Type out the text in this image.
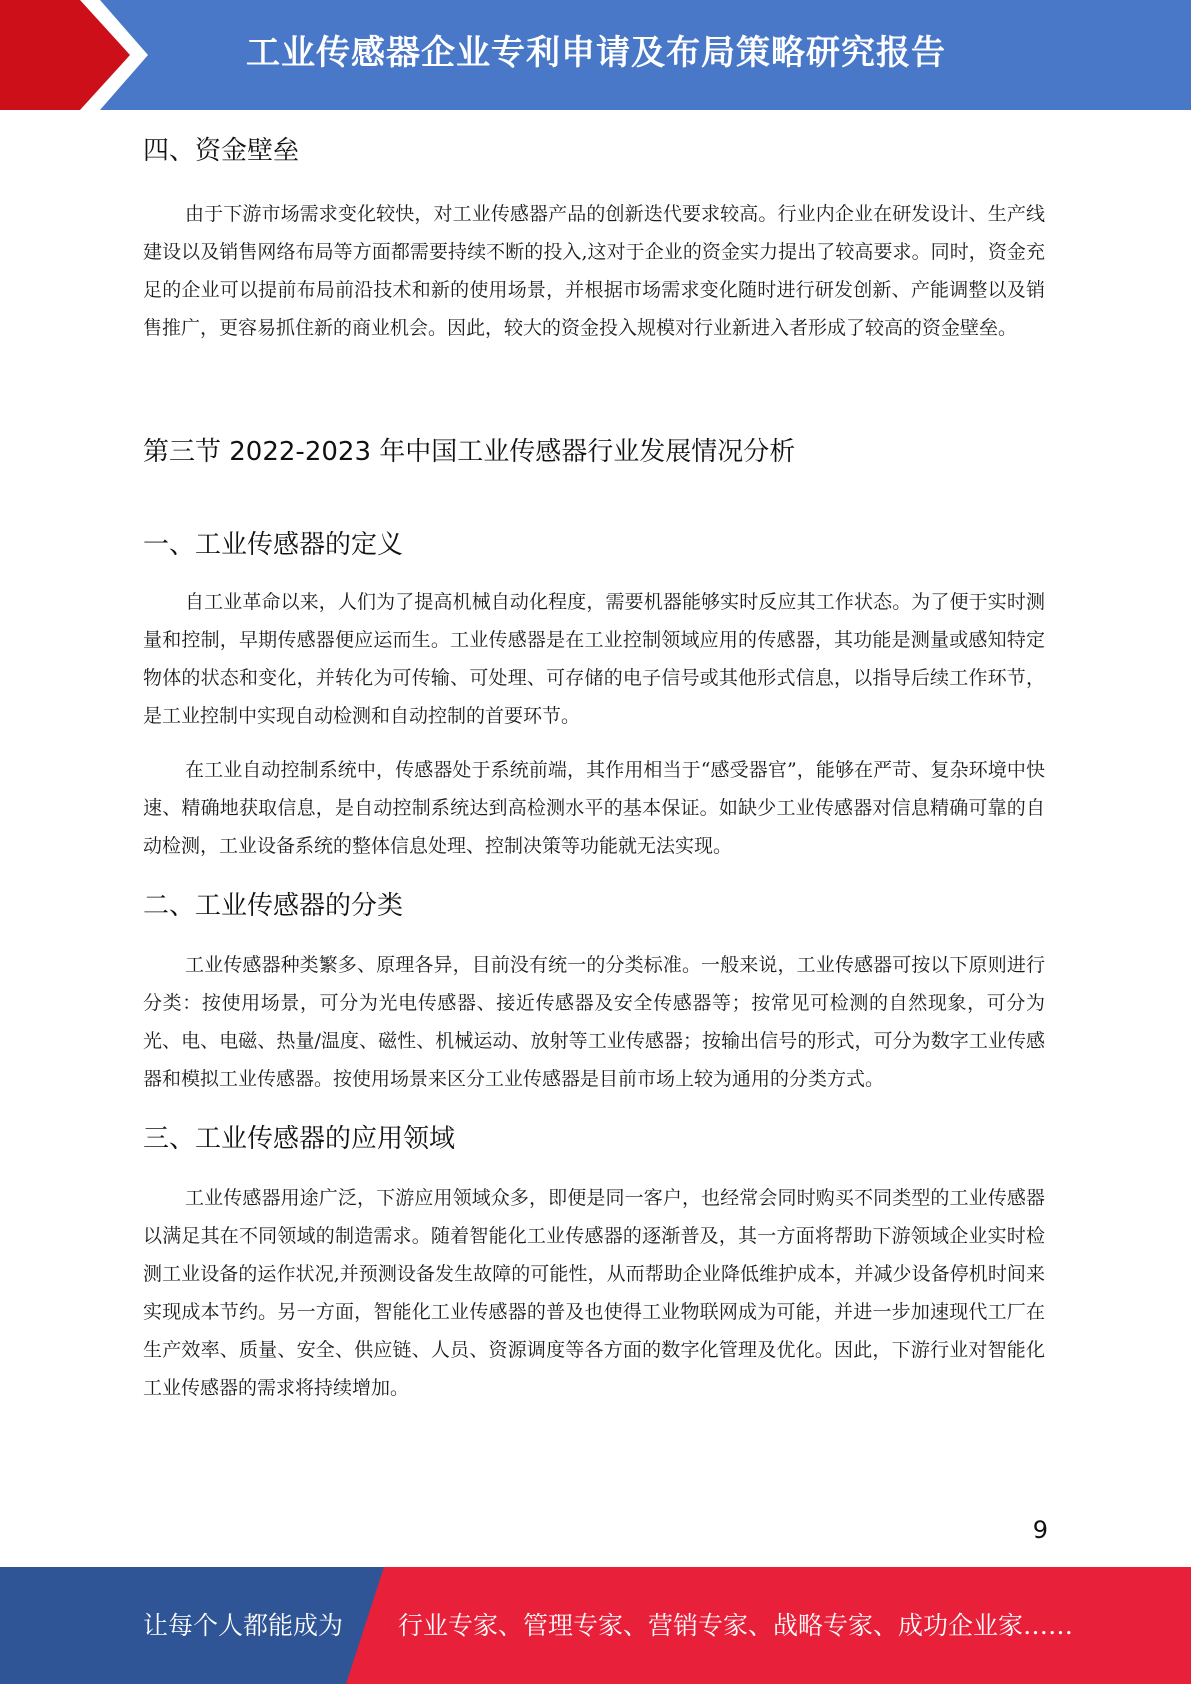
工业传感器企业专利申请及布局策略研究报告
四、资金壁垒

由于下游市场需求变化较快，对工业传感器产品的创新迭代要求较高。行业内企业在研发设计、生产线建设以及销售网络布局等方面都需要持续不断的投入,这对于企业的资金实力提出了较高要求。同时，资金充足的企业可以提前布局前沿技术和新的使用场景，并根据市场需求变化随时进行研发创新、产能调整以及销售推广，更容易抓住新的商业机会。因此，较大的资金投入规模对行业新进入者形成了较高的资金壁垒。

第三节 2022-2023 年中国工业传感器行业发展情况分析
一、工业传感器的定义

自工业革命以来，人们为了提高机械自动化程度，需要机器能够实时反应其工作状态。为了便于实时测量和控制，早期传感器便应运而生。工业传感器是在工业控制领域应用的传感器，其功能是测量或感知特定物体的状态和变化，并转化为可传输、可处理、可存储的电子信号或其他形式信息，以指导后续工作环节，是工业控制中实现自动检测和自动控制的首要环节。

在工业自动控制系统中，传感器处于系统前端，其作用相当于“感受器官”，能够在严苛、复杂环境中快速、精确地获取信息，是自动控制系统达到高检测水平的基本保证。如缺少工业传感器对信息精确可靠的自动检测，工业设备系统的整体信息处理、控制决策等功能就无法实现。

二、工业传感器的分类

工业传感器种类繁多、原理各异，目前没有统一的分类标准。一般来说，工业传感器可按以下原则进行分类：按使用场景，可分为光电传感器、接近传感器及安全传感器等；按常见可检测的自然现象，可分为光、电、电磁、热量/温度、磁性、机械运动、放射等工业传感器；按输出信号的形式，可分为数字工业传感器和模拟工业传感器。按使用场景来区分工业传感器是目前市场上较为通用的分类方式。

三、工业传感器的应用领域

工业传感器用途广泛，下游应用领域众多，即便是同一客户，也经常会同时购买不同类型的工业传感器以满足其在不同领域的制造需求。随着智能化工业传感器的逐渐普及，其一方面将帮助下游领域企业实时检测工业设备的运作状况,并预测设备发生故障的可能性，从而帮助企业降低维护成本，并减少设备停机时间来实现成本节约。另一方面，智能化工业传感器的普及也使得工业物联网成为可能，并进一步加速现代工厂在生产效率、质量、安全、供应链、人员、资源调度等各方面的数字化管理及优化。因此，下游行业对智能化工业传感器的需求将持续增加。

9
让每个人都能成为 行业专家、管理专家、营销专家、战略专家、成功企业家……
